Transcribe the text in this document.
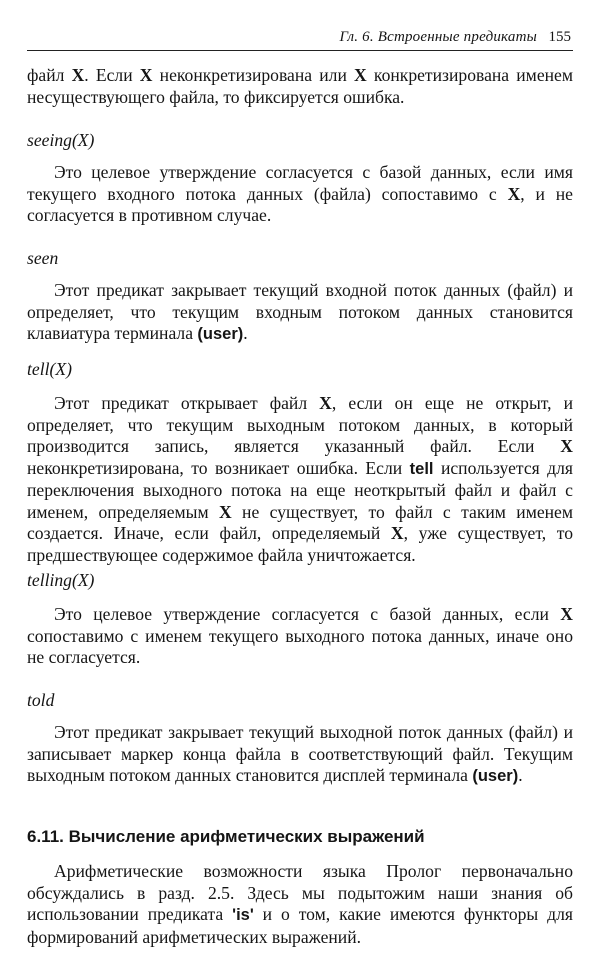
Гл. 6. Встроенные предикаты 155

файл X. Если X неконкретизирована или X конкретизирована именем несуществующего файла, то фиксируется ошибка.

seeing(X)

Это целевое утверждение согласуется с базой данных, если имя текущего входного потока данных (файла) сопоставимо с X, и не согласуется в противном случае.

seen

Этот предикат закрывает текущий входной поток данных (файл) и определяет, что текущим входным потоком данных становится клавиатура терминала (user).

tell(X)

Этот предикат открывает файл X, если он еще не открыт, и определяет, что текущим выходным потоком данных, в который производится запись, является указанный файл. Если X неконкретизирована, то возникает ошибка. Если tell используется для переключения выходного потока на еще неоткрытый файл и файл с именем, определяемым X не существует, то файл с таким именем создается. Иначе, если файл, определяемый X, уже существует, то предшествующее содержимое файла уничтожается.

telling(X)

Это целевое утверждение согласуется с базой данных, если X сопоставимо с именем текущего выходного потока данных, иначе оно не согласуется.

told

Этот предикат закрывает текущий выходной поток данных (файл) и записывает маркер конца файла в соответствующий файл. Текущим выходным потоком данных становится дисплей терминала (user).

6.11. Вычисление арифметических выражений

Арифметические возможности языка Пролог первоначально обсуждались в разд. 2.5. Здесь мы подытожим наши знания об использовании предиката 'is' и о том, какие имеются функторы для формирований арифметических выражений.
